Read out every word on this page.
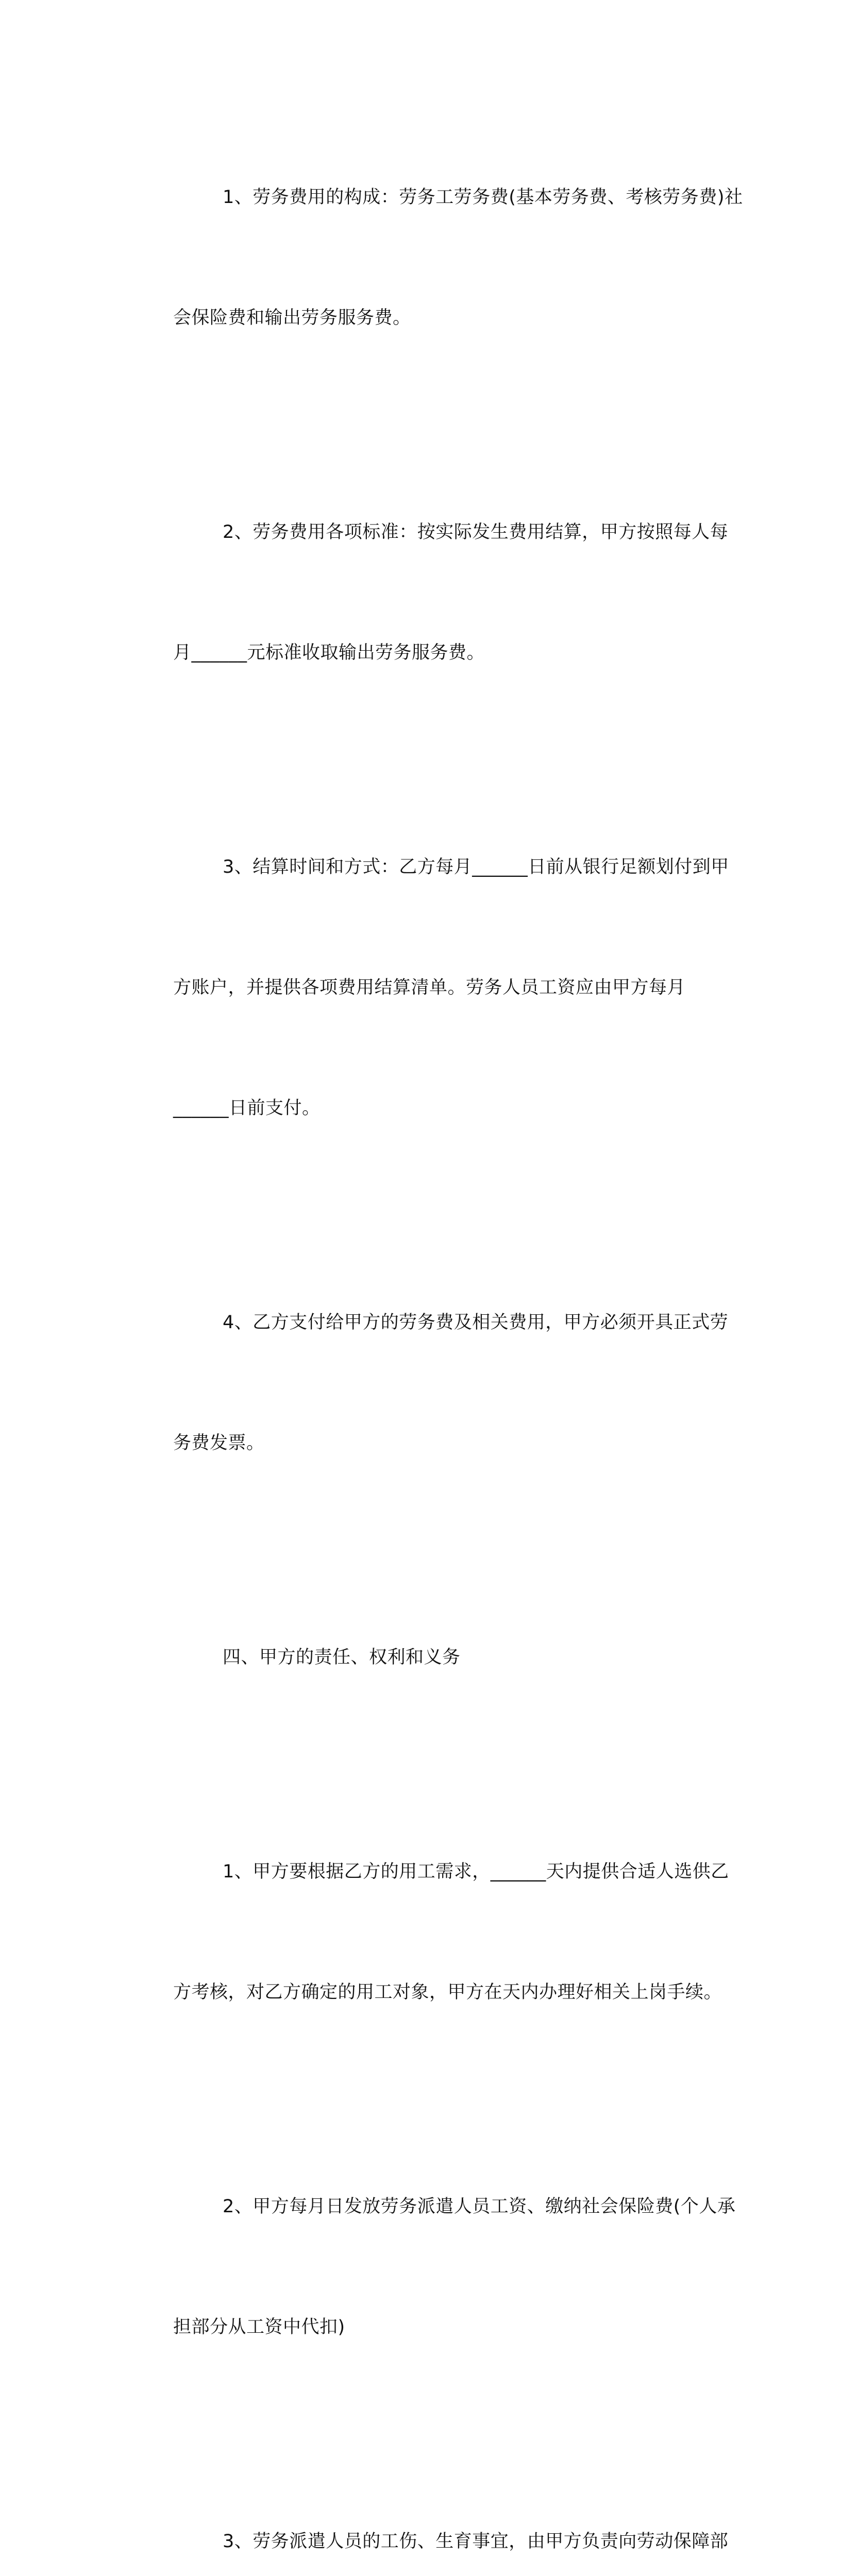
1、劳务费用的构成：劳务工劳务费(基本劳务费、考核劳务费)社

会保险费和输出劳务服务费。

2、劳务费用各项标准：按实际发生费用结算，甲方按照每人每

月______元标准收取输出劳务服务费。

3、结算时间和方式：乙方每月______日前从银行足额划付到甲

方账户，并提供各项费用结算清单。劳务人员工资应由甲方每月

______日前支付。

4、乙方支付给甲方的劳务费及相关费用，甲方必须开具正式劳

务费发票。

四、甲方的责任、权利和义务

1、甲方要根据乙方的用工需求，______天内提供合适人选供乙

方考核，对乙方确定的用工对象，甲方在天内办理好相关上岗手续。

2、甲方每月日发放劳务派遣人员工资、缴纳社会保险费(个人承

担部分从工资中代扣)

3、劳务派遣人员的工伤、生育事宜，由甲方负责向劳动保障部
